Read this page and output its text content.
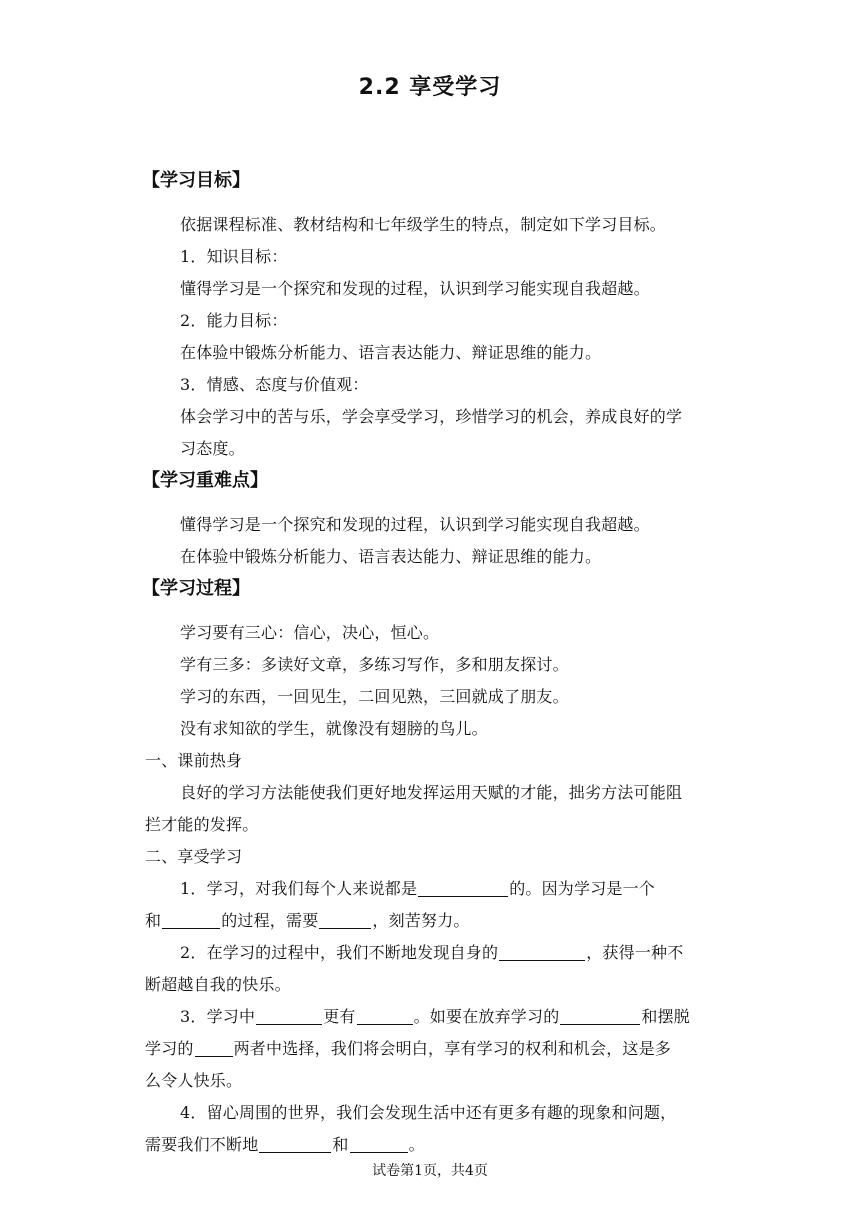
2.2 享受学习
【学习目标】
依据课程标准、教材结构和七年级学生的特点，制定如下学习目标。
1．知识目标：
懂得学习是一个探究和发现的过程，认识到学习能实现自我超越。
2．能力目标：
在体验中锻炼分析能力、语言表达能力、辩证思维的能力。
3．情感、态度与价值观：
体会学习中的苦与乐，学会享受学习，珍惜学习的机会，养成良好的学
习态度。
【学习重难点】
懂得学习是一个探究和发现的过程，认识到学习能实现自我超越。
在体验中锻炼分析能力、语言表达能力、辩证思维的能力。
【学习过程】
学习要有三心：信心，决心，恒心。
学有三多：多读好文章，多练习写作，多和朋友探讨。
学习的东西，一回见生，二回见熟，三回就成了朋友。
没有求知欲的学生，就像没有翅膀的鸟儿。
一、课前热身
良好的学习方法能使我们更好地发挥运用天赋的才能，拙劣方法可能阻
拦才能的发挥。
二、享受学习
1．学习，对我们每个人来说都是	的。因为学习是一个
和	的过程，需要	，刻苦努力。
2．在学习的过程中，我们不断地发现自身的	，获得一种不
断超越自我的快乐。
3．学习中	更有	。如要在放弃学习的	和摆脱
学习的	两者中选择，我们将会明白，享有学习的权利和机会，这是多
么令人快乐。
4．留心周围的世界，我们会发现生活中还有更多有趣的现象和问题，
需要我们不断地	和	。
试卷第1页，共4页
